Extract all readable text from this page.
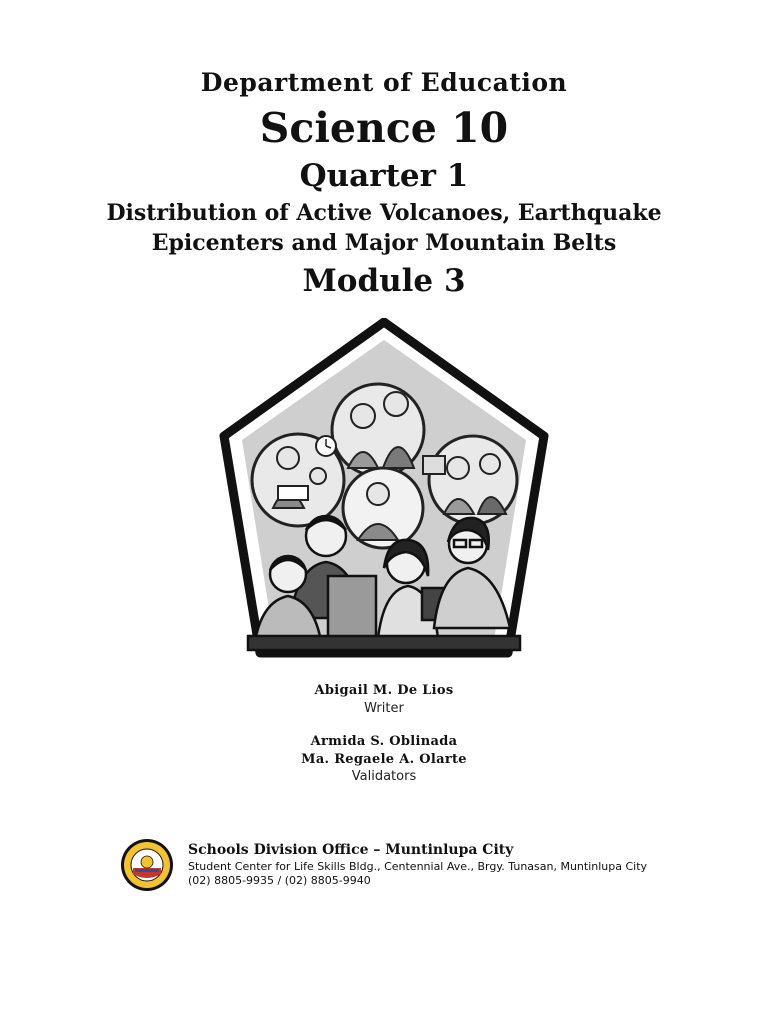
Department of Education
Science 10
Quarter 1
Distribution of Active Volcanoes, Earthquake
Epicenters and Major Mountain Belts
Module 3
Abigail M. De Lios
Writer
Armida S. Oblinada
Ma. Regaele A. Olarte
Validators
Schools Division Office – Muntinlupa City
Student Center for Life Skills Bldg., Centennial Ave., Brgy. Tunasan, Muntinlupa City
(02) 8805-9935 / (02) 8805-9940
